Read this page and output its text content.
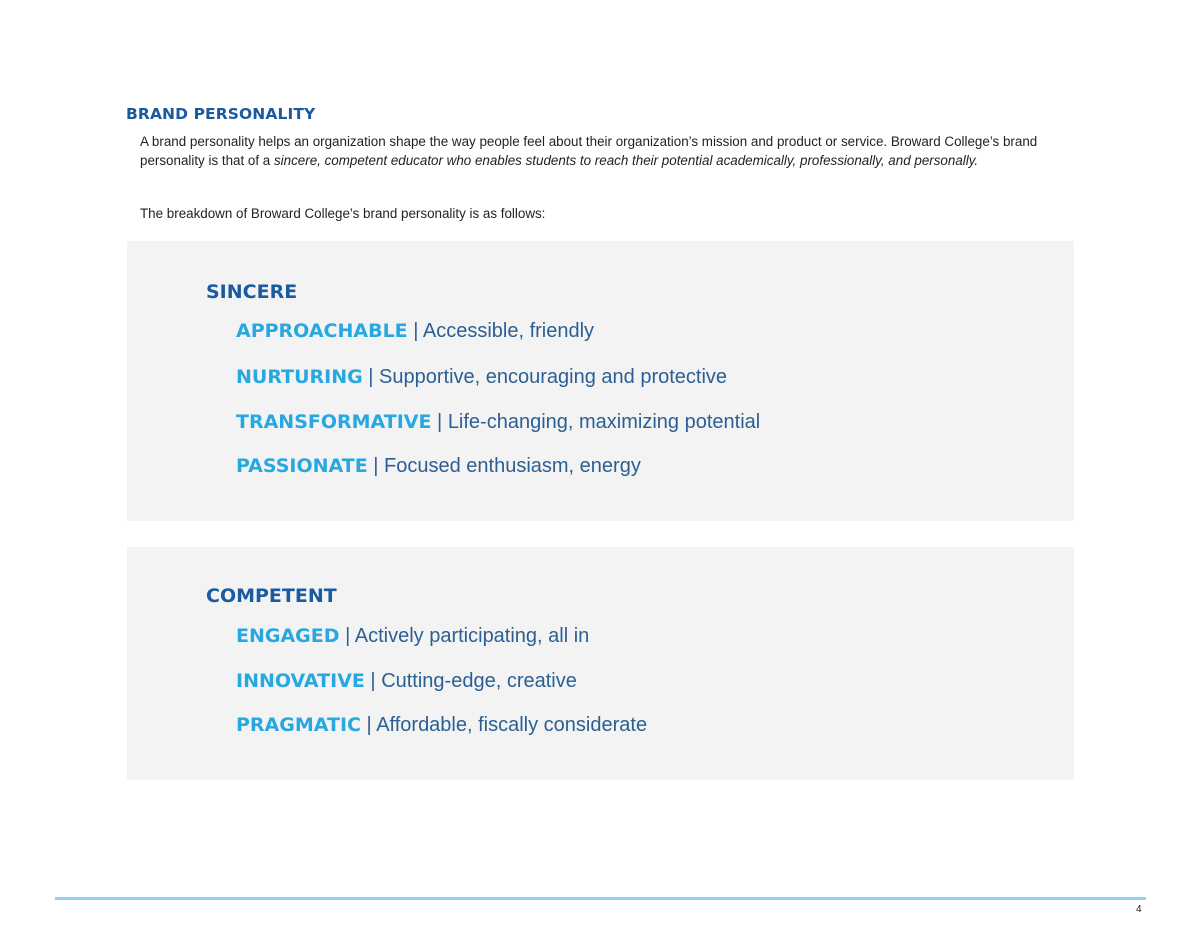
BRAND PERSONALITY

A brand personality helps an organization shape the way people feel about their organization’s mission and product or service. Broward College’s brand personality is that of a sincere, competent educator who enables students to reach their potential academically, professionally, and personally.

The breakdown of Broward College’s brand personality is as follows:

SINCERE

APPROACHABLE | Accessible, friendly

NURTURING | Supportive, encouraging and protective

TRANSFORMATIVE | Life-changing, maximizing potential

PASSIONATE | Focused enthusiasm, energy

COMPETENT

ENGAGED | Actively participating, all in

INNOVATIVE | Cutting-edge, creative

PRAGMATIC | Affordable, fiscally considerate

4
